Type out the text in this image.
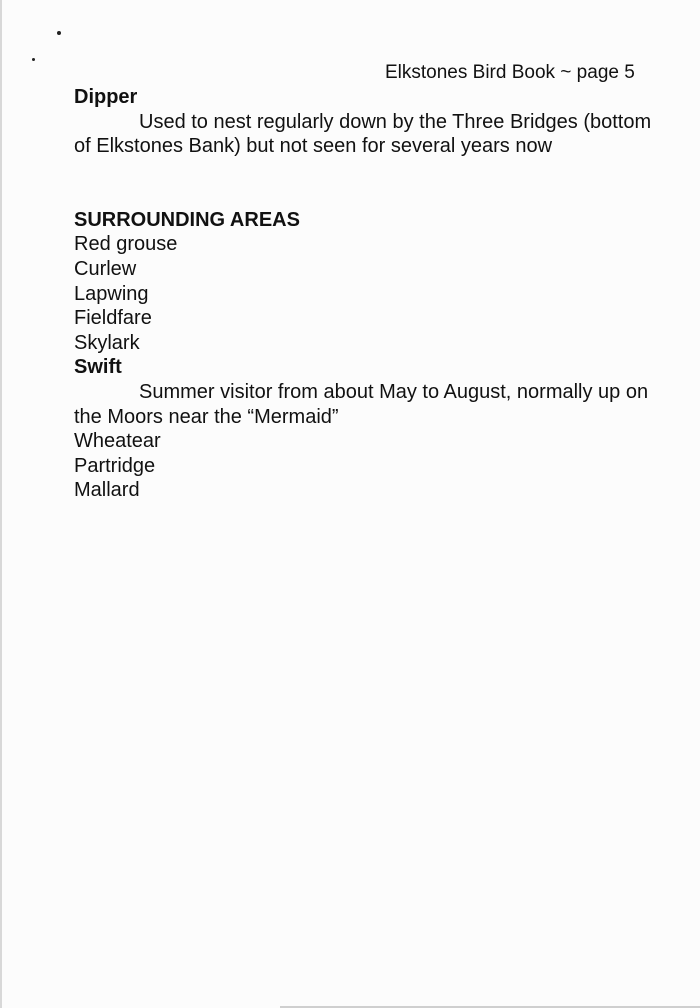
Elkstones Bird Book ~ page 5

Dipper

Used to nest regularly down by the Three Bridges (bottom of Elkstones Bank) but not seen for several years now

SURROUNDING AREAS

Red grouse

Curlew

Lapwing

Fieldfare

Skylark

Swift

Summer visitor from about May to August, normally up on the Moors near the “Mermaid”

Wheatear

Partridge

Mallard
